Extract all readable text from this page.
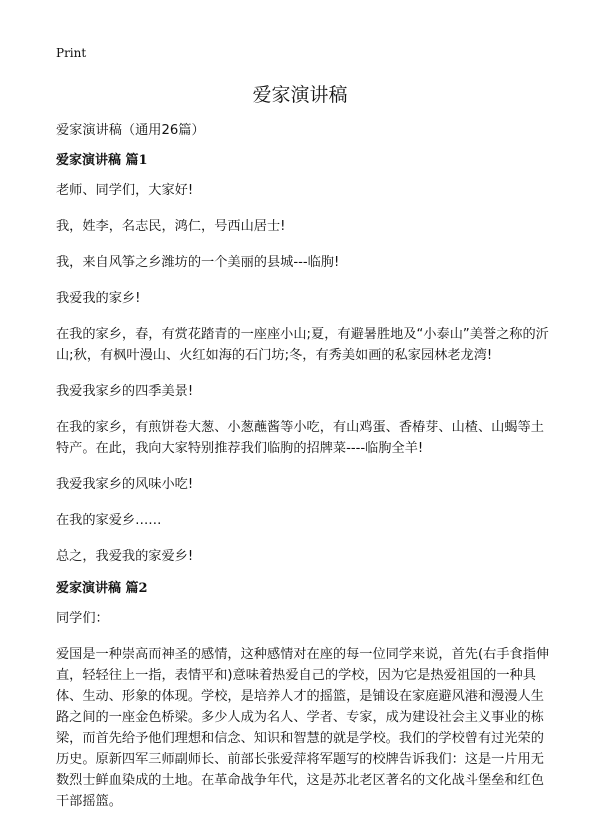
Print
爱家演讲稿

爱家演讲稿（通用26篇）

爱家演讲稿 篇1

老师、同学们，大家好!

我，姓李，名志民，鸿仁，号西山居士!

我，来自风筝之乡潍坊的一个美丽的县城---临朐!

我爱我的家乡!

在我的家乡，春，有赏花踏青的一座座小山;夏，有避暑胜地及“小泰山”美誉之称的沂山;秋，有枫叶漫山、火红如海的石门坊;冬，有秀美如画的私家园林老龙湾!

我爱我家乡的四季美景!

在我的家乡，有煎饼卷大葱、小葱蘸酱等小吃，有山鸡蛋、香椿芽、山楂、山蝎等土特产。在此，我向大家特别推荐我们临朐的招牌菜----临朐全羊!

我爱我家乡的风味小吃!

在我的家爱乡……

总之，我爱我的家爱乡!

爱家演讲稿 篇2

同学们：

爱国是一种崇高而神圣的感情，这种感情对在座的每一位同学来说，首先(右手食指伸直，轻轻往上一指，表情平和)意味着热爱自己的学校，因为它是热爱祖国的一种具体、生动、形象的体现。学校，是培养人才的摇篮，是铺设在家庭避风港和漫漫人生路之间的一座金色桥梁。多少人成为名人、学者、专家，成为建设社会主义事业的栋梁，而首先给予他们理想和信念、知识和智慧的就是学校。我们的学校曾有过光荣的历史。原新四军三师副师长、前部长张爱萍将军题写的校牌告诉我们：这是一片用无数烈士鲜血染成的土地。在革命战争年代，这是苏北老区著名的文化战斗堡垒和红色干部摇篮。
